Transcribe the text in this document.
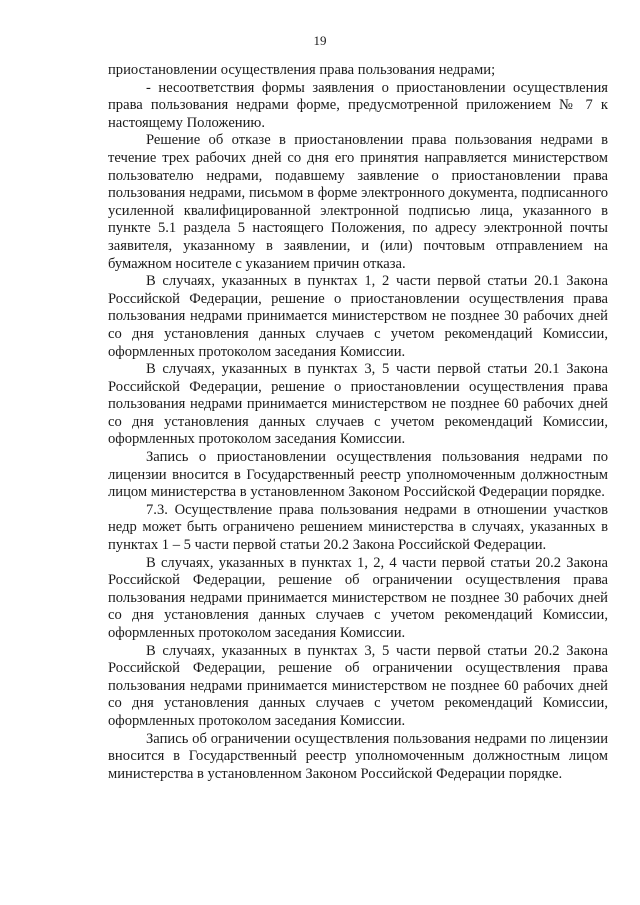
19

приостановлении осуществления права пользования недрами;

- несоответствия формы заявления о приостановлении осуществления права пользования недрами форме, предусмотренной приложением № 7 к настоящему Положению.

Решение об отказе в приостановлении права пользования недрами в течение трех рабочих дней со дня его принятия направляется министерством пользователю недрами, подавшему заявление о приостановлении права пользования недрами, письмом в форме электронного документа, подписанного усиленной квалифицированной электронной подписью лица, указанного в пункте 5.1 раздела 5 настоящего Положения, по адресу электронной почты заявителя, указанному в заявлении, и (или) почтовым отправлением на бумажном носителе с указанием причин отказа.

В случаях, указанных в пунктах 1, 2 части первой статьи 20.1 Закона Российской Федерации, решение о приостановлении осуществления права пользования недрами принимается министерством не позднее 30 рабочих дней со дня установления данных случаев с учетом рекомендаций Комиссии, оформленных протоколом заседания Комиссии.

В случаях, указанных в пунктах 3, 5 части первой статьи 20.1 Закона Российской Федерации, решение о приостановлении осуществления права пользования недрами принимается министерством не позднее 60 рабочих дней со дня установления данных случаев с учетом рекомендаций Комиссии, оформленных протоколом заседания Комиссии.

Запись о приостановлении осуществления пользования недрами по лицензии вносится в Государственный реестр уполномоченным должностным лицом министерства в установленном Законом Российской Федерации порядке.

7.3. Осуществление права пользования недрами в отношении участков недр может быть ограничено решением министерства в случаях, указанных в пунктах 1 – 5 части первой статьи 20.2 Закона Российской Федерации.

В случаях, указанных в пунктах 1, 2, 4 части первой статьи 20.2 Закона Российской Федерации, решение об ограничении осуществления права пользования недрами принимается министерством не позднее 30 рабочих дней со дня установления данных случаев с учетом рекомендаций Комиссии, оформленных протоколом заседания Комиссии.

В случаях, указанных в пунктах 3, 5 части первой статьи 20.2 Закона Российской Федерации, решение об ограничении осуществления права пользования недрами принимается министерством не позднее 60 рабочих дней со дня установления данных случаев с учетом рекомендаций Комиссии, оформленных протоколом заседания Комиссии.

Запись об ограничении осуществления пользования недрами по лицензии вносится в Государственный реестр уполномоченным должностным лицом министерства в установленном Законом Российской Федерации порядке.
